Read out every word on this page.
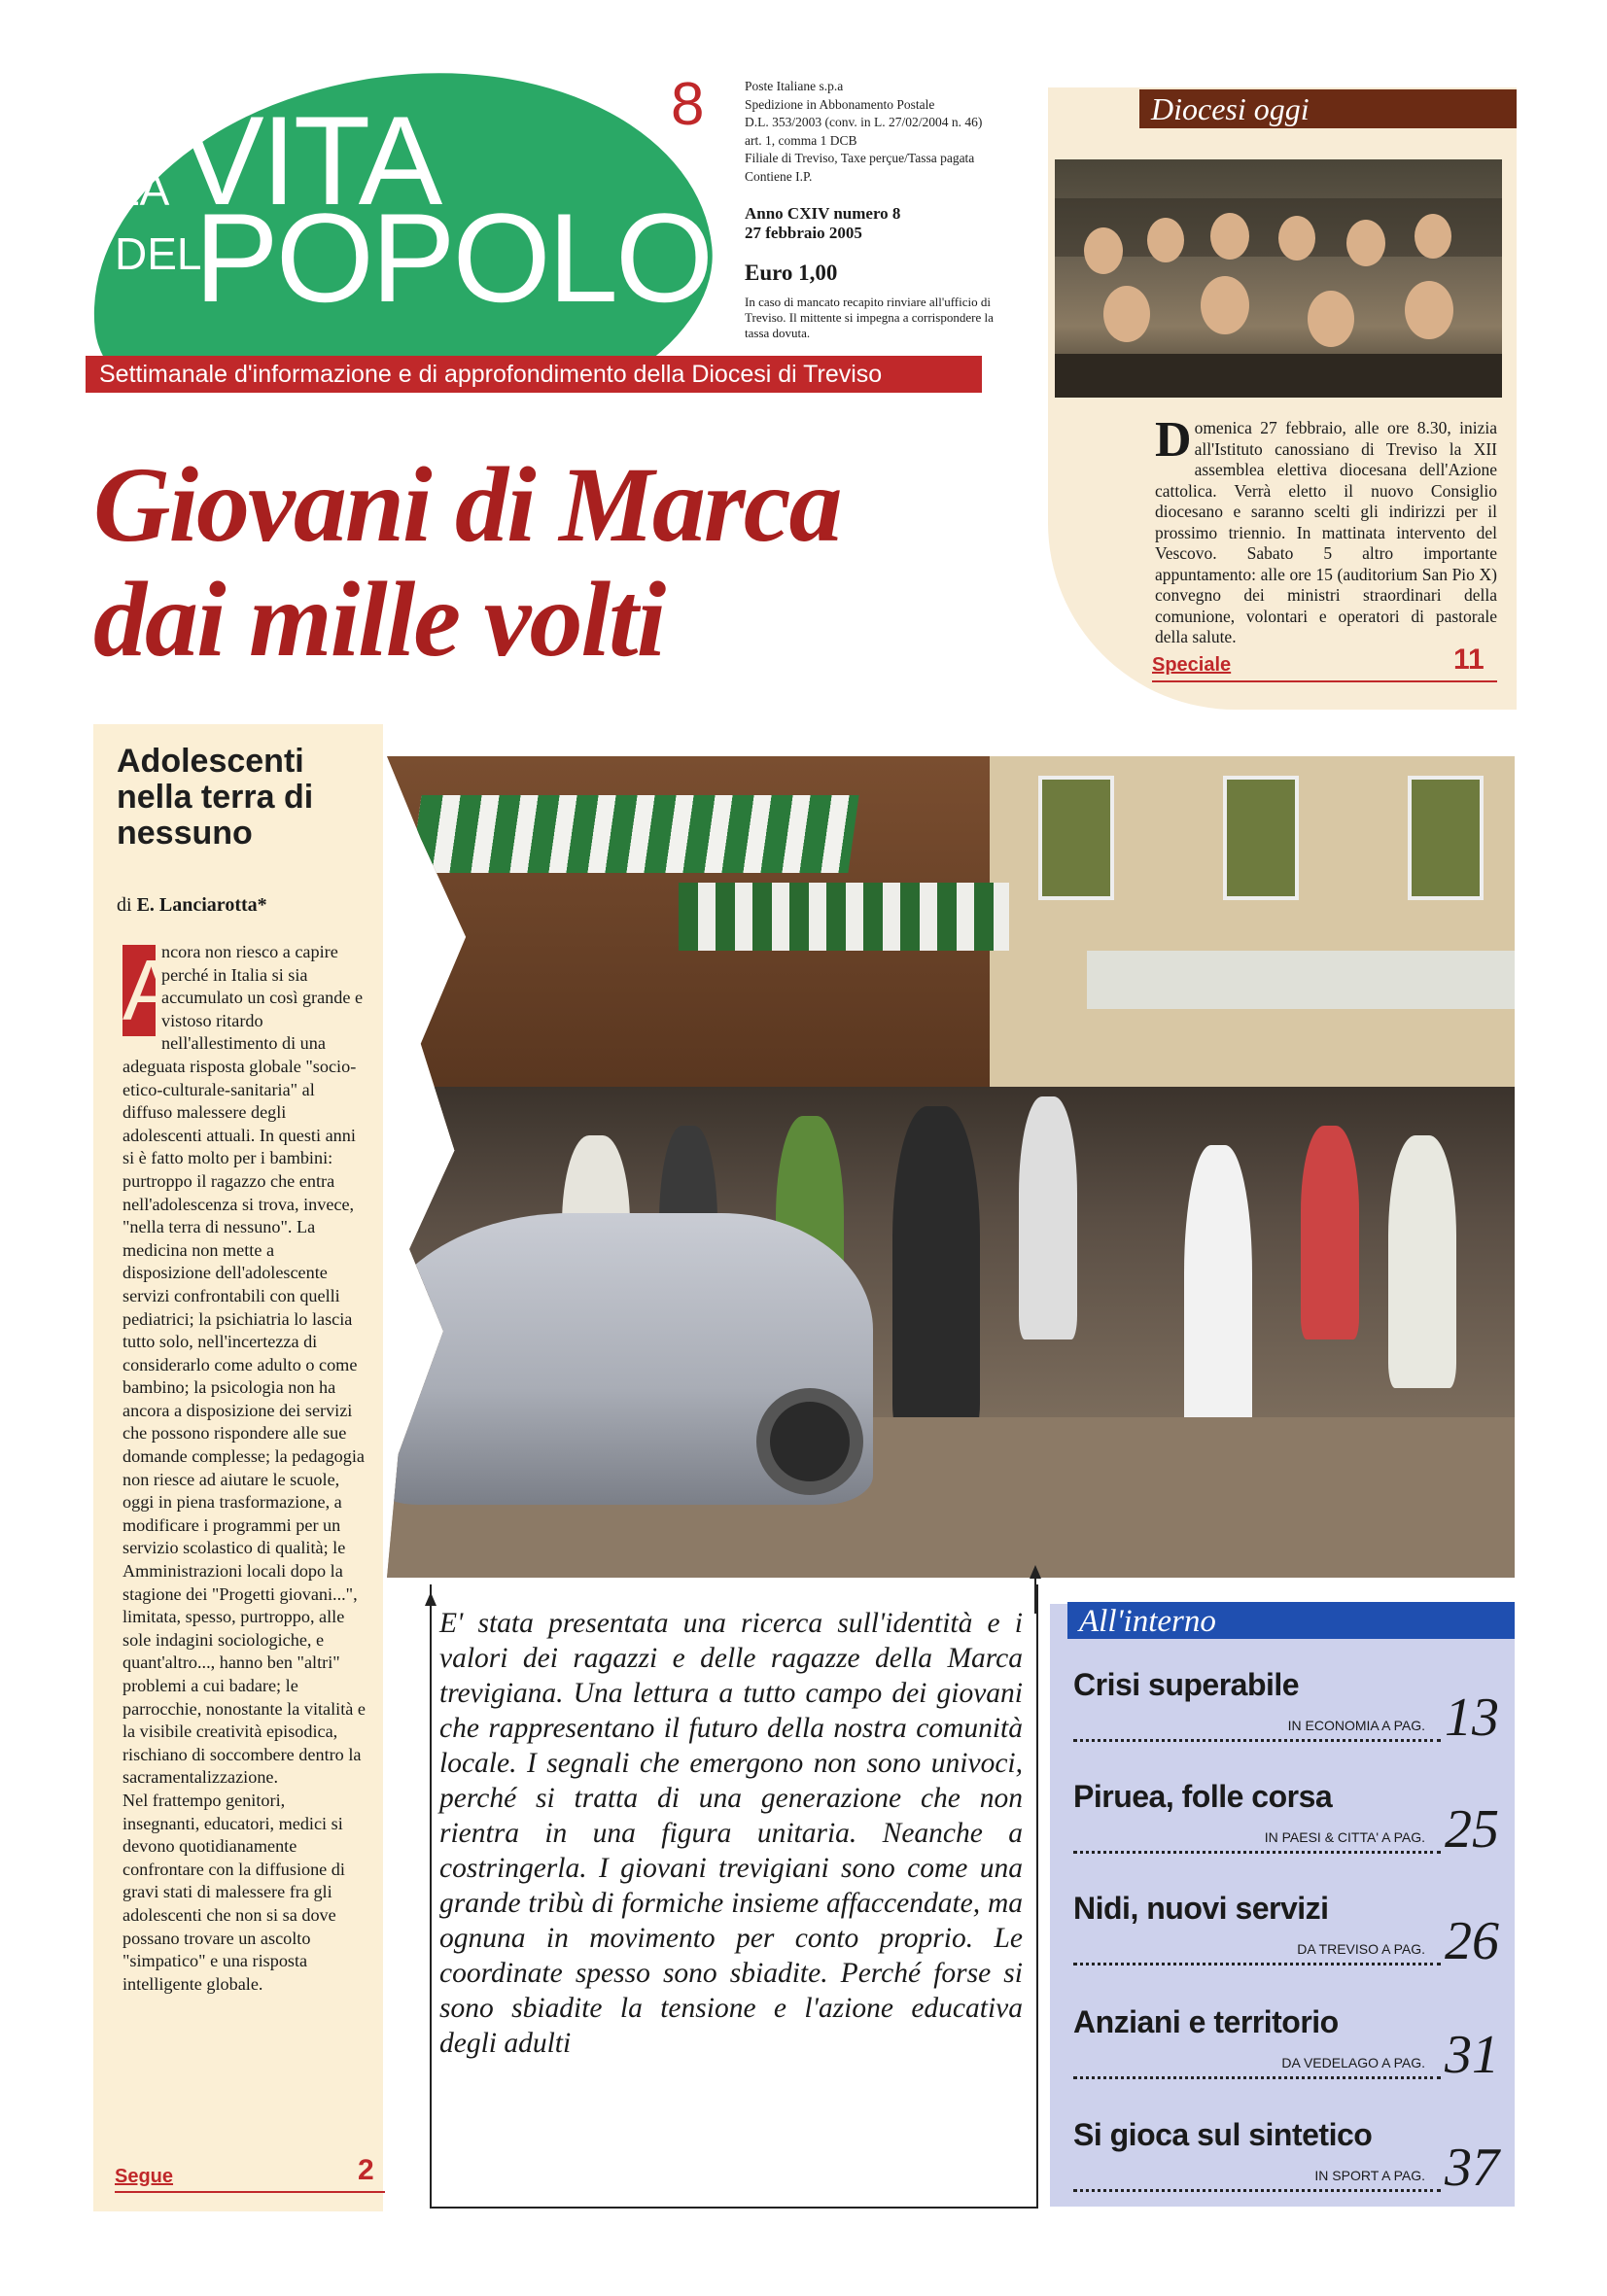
LA VITA
DEL
POPOLO
Settimanale d'informazione e di approfondimento della Diocesi di Treviso
8	Poste Italiane s.p.a
Spedizione in Abbonamento Postale
D.L. 353/2003 (conv. in L. 27/02/2004 n. 46)
art. 1, comma 1 DCB
Filiale di Treviso, Taxe perçue/Tassa pagata
Contiene I.P.
Anno CXIV numero 8
27 febbraio 2005
Euro 1,00
In caso di mancato recapito rinviare all'ufficio di Treviso. Il mittente si impegna a corrispondere la tassa dovuta.
Diocesi oggi
Domenica 27 febbraio, alle ore 8.30, inizia all'Istituto canossiano di Treviso la XII assemblea elettiva diocesana dell'Azione cattolica. Verrà eletto il nuovo Consiglio diocesano e saranno scelti gli indirizzi per il prossimo triennio. In mattinata intervento del Vescovo. Sabato 5 altro importante appuntamento: alle ore 15 (auditorium San Pio X) convegno dei ministri straordinari della comunione, volontari e operatori di pastorale della salute.
Speciale	11
Giovani di Marca
dai mille volti
Adolescenti nella terra di nessuno
di E. Lanciarotta*
A
ncora non riesco a capire perché in Italia si sia accumulato un così grande e vistoso ritardo nell'allestimento di una adeguata risposta globale "socio-etico-culturale-sanitaria" al diffuso malessere degli adolescenti attuali. In questi anni si è fatto molto per i bambini: purtroppo il ragazzo che entra nell'adolescenza si trova, invece, "nella terra di nessuno". La medicina non mette a disposizione dell'adolescente servizi confrontabili con quelli pediatrici; la psichiatria lo lascia tutto solo, nell'incertezza di considerarlo come adulto o come bambino; la psicologia non ha ancora a disposizione dei servizi che possono rispondere alle sue domande complesse; la pedagogia non riesce ad aiutare le scuole, oggi in piena trasformazione, a modificare i programmi per un servizio scolastico di qualità; le Amministrazioni locali dopo la stagione dei "Progetti giovani...", limitata, spesso, purtroppo, alle sole indagini sociologiche, e quant'altro..., hanno ben "altri" problemi a cui badare; le parrocchie, nonostante la vitalità e la visibile creatività episodica, rischiano di soccombere dentro la sacramentalizzazione.
Nel frattempo genitori, insegnanti, educatori, medici si devono quotidianamente confrontare con la diffusione di gravi stati di malessere fra gli adolescenti che non si sa dove possano trovare un ascolto "simpatico" e una risposta intelligente globale.
Segue	2
E' stata presentata una ricerca sull'identità e i valori dei ragazzi e delle ragazze della Marca trevigiana. Una lettura a tutto campo dei giovani che rappresentano il futuro della nostra comunità locale. I segnali che emergono non sono univoci, perché si tratta di una generazione che non rientra in una figura unitaria. Neanche a costringerla. I giovani trevigiani sono come una grande tribù di formiche insieme affaccendate, ma ognuna in movimento per conto proprio. Le coordinate spesso sono sbiadite. Perché forse si sono sbiadite la tensione e l'azione educativa degli adulti
All'interno
Crisi superabile
IN ECONOMIA A PAG. 13
Piruea, folle corsa
IN PAESI & CITTA' A PAG. 25
Nidi, nuovi servizi
DA TREVISO A PAG. 26
Anziani e territorio
DA VEDELAGO A PAG. 31
Si gioca sul sintetico
IN SPORT A PAG. 37
